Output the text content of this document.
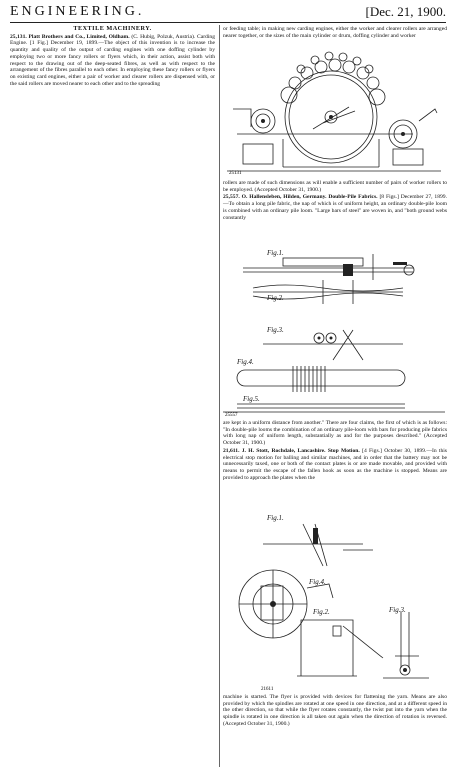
ENGINEERING.	[Dec. 21, 1900.
TEXTILE MACHINERY.

25,131. Platt Brothers and Co., Limited, Oldham. (C. Hubig, Polzuk, Austria). Carding Engine. [1 Fig.] December 19, 1899.—The object of this invention is to increase the quantity and quality of the output of carding engines with one doffing cylinder by employing two or more fancy rollers or flyers which, in their action, assist both with respect to the drawing out of the deep-seated fibres, as well as with respect to the arrangement of the fibres parallel to each other. In employing these fancy rollers or flyers on existing card engines, either a pair of worker and clearer rollers are dispensed with, or the said rollers are moved nearer to each other and to the spreading

or feeding table; in making new carding engines, either the worker and clearer rollers are arranged nearer together, or the sizes of the main cylinder or drum, doffing cylinder and worker

25131

rollers are made of such dimensions as will enable a sufficient number of pairs of worker rollers to be employed. (Accepted October 31, 1900.)

25,557. O. Hallensleben, Hilden, Germany. Double-Pile Fabrics. [8 Figs.] December 27, 1899.—To obtain a long pile fabric, the nap of which is of uniform height, an ordinary double-pile loom is combined with an ordinary pile loom. "Large bars of steel" are woven in, and "both ground webs constantly

Fig.1.
Fig.2.
Fig.3.
Fig.4.
Fig.5.
25557

are kept in a uniform distance from another." There are four claims, the first of which is as follows: "In double-pile looms the combination of an ordinary pile-loom with bars for producing pile fabrics with long nap of uniform length, substantially as and for the purposes described." (Accepted October 31, 1900.)

21,611. J. H. Stott, Rochdale, Lancashire. Stop Motion. [4 Figs.] October 30, 1899.—In this electrical stop motion for balling and similar machines, and in order that the battery may not be unnecessarily taxed, one or both of the contact plates is or are made movable, and provided with means to permit the escape of the fallen hook as soon as the machine is stopped. Means are provided to approach the plates when the

Fig.1.
Fig.4.
Fig.2.	Fig.3.
21611

machine is started. The flyer is provided with devices for flattening the yarn. Means are also provided by which the spindles are rotated at one speed in one direction, and at a different speed in the other direction, so that while the flyer rotates constantly, the twist put into the yarn when the spindle is rotated in one direction is all taken out again when the direction of rotation is reversed. (Accepted October 31, 1900.)
